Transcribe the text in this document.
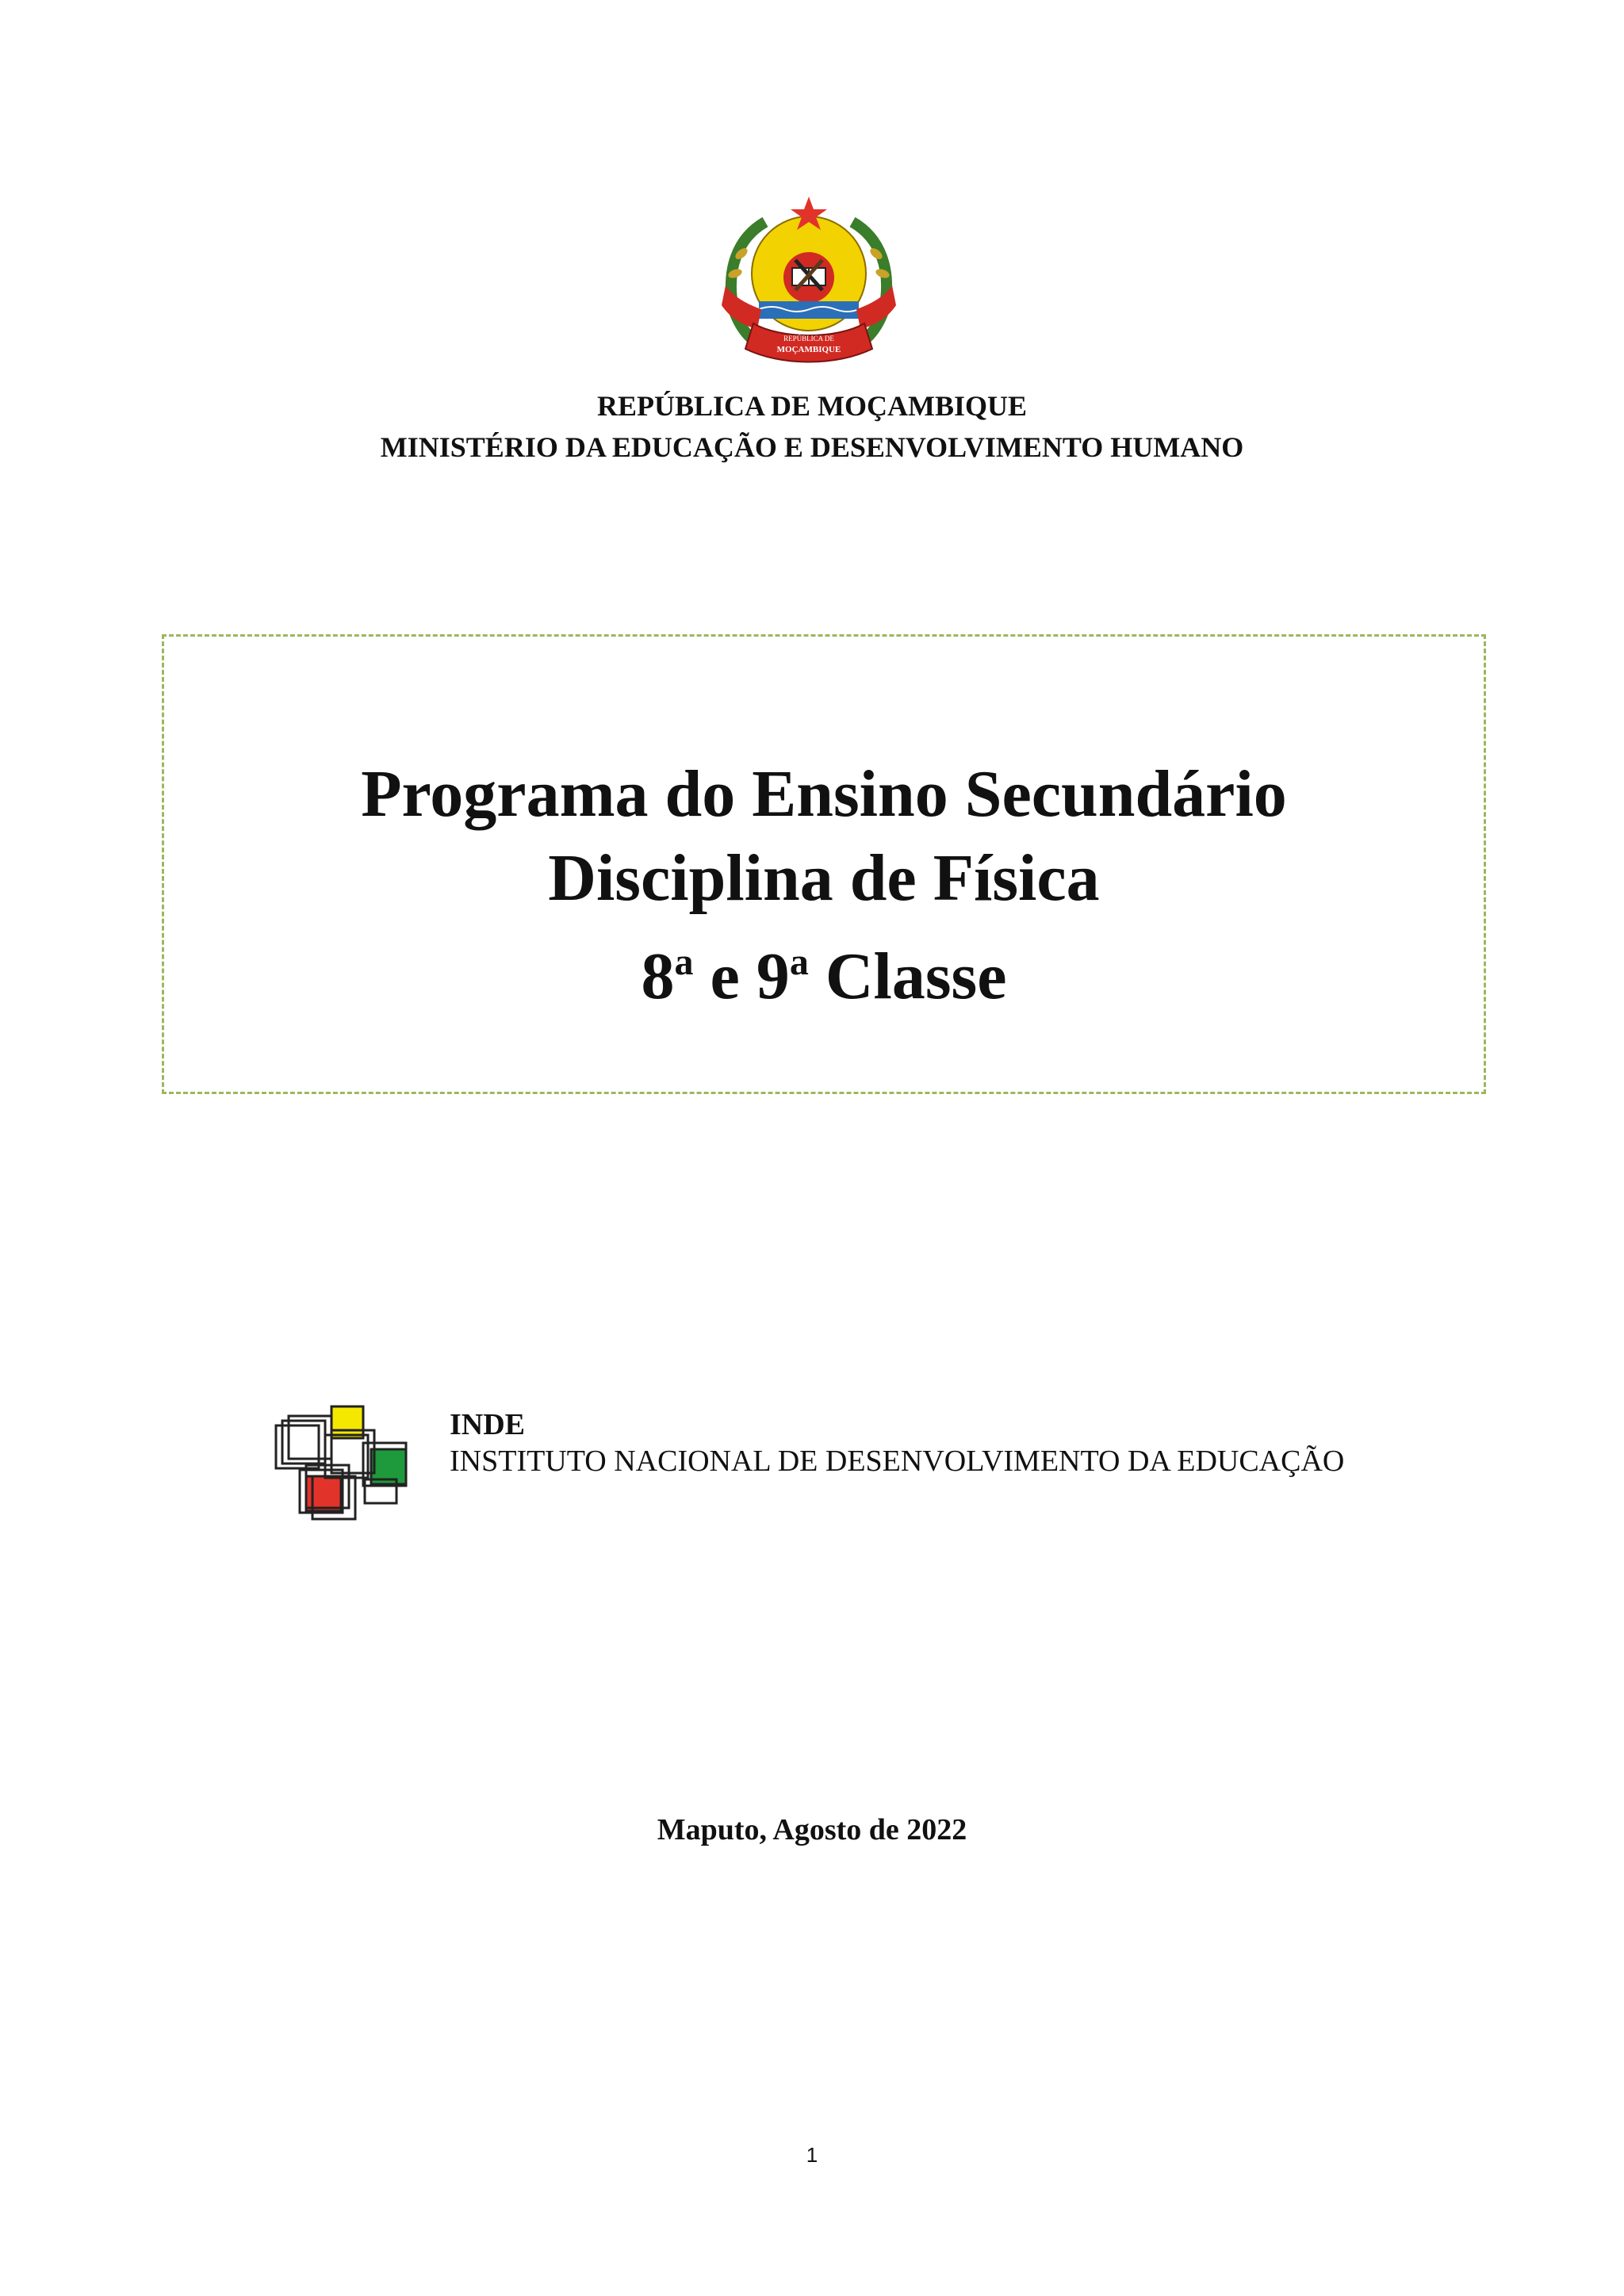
REPÚBLICA DE
MOÇAMBIQUE
REPÚBLICA DE MOÇAMBIQUE
MINISTÉRIO DA EDUCAÇÃO E DESENVOLVIMENTO HUMANO
Programa do Ensino Secundário
Disciplina de Física
8$^a$ e 9$^a$ Classe
INDE
INSTITUTO NACIONAL DE DESENVOLVIMENTO DA EDUCAÇÃO
Maputo, Agosto de 2022
1
